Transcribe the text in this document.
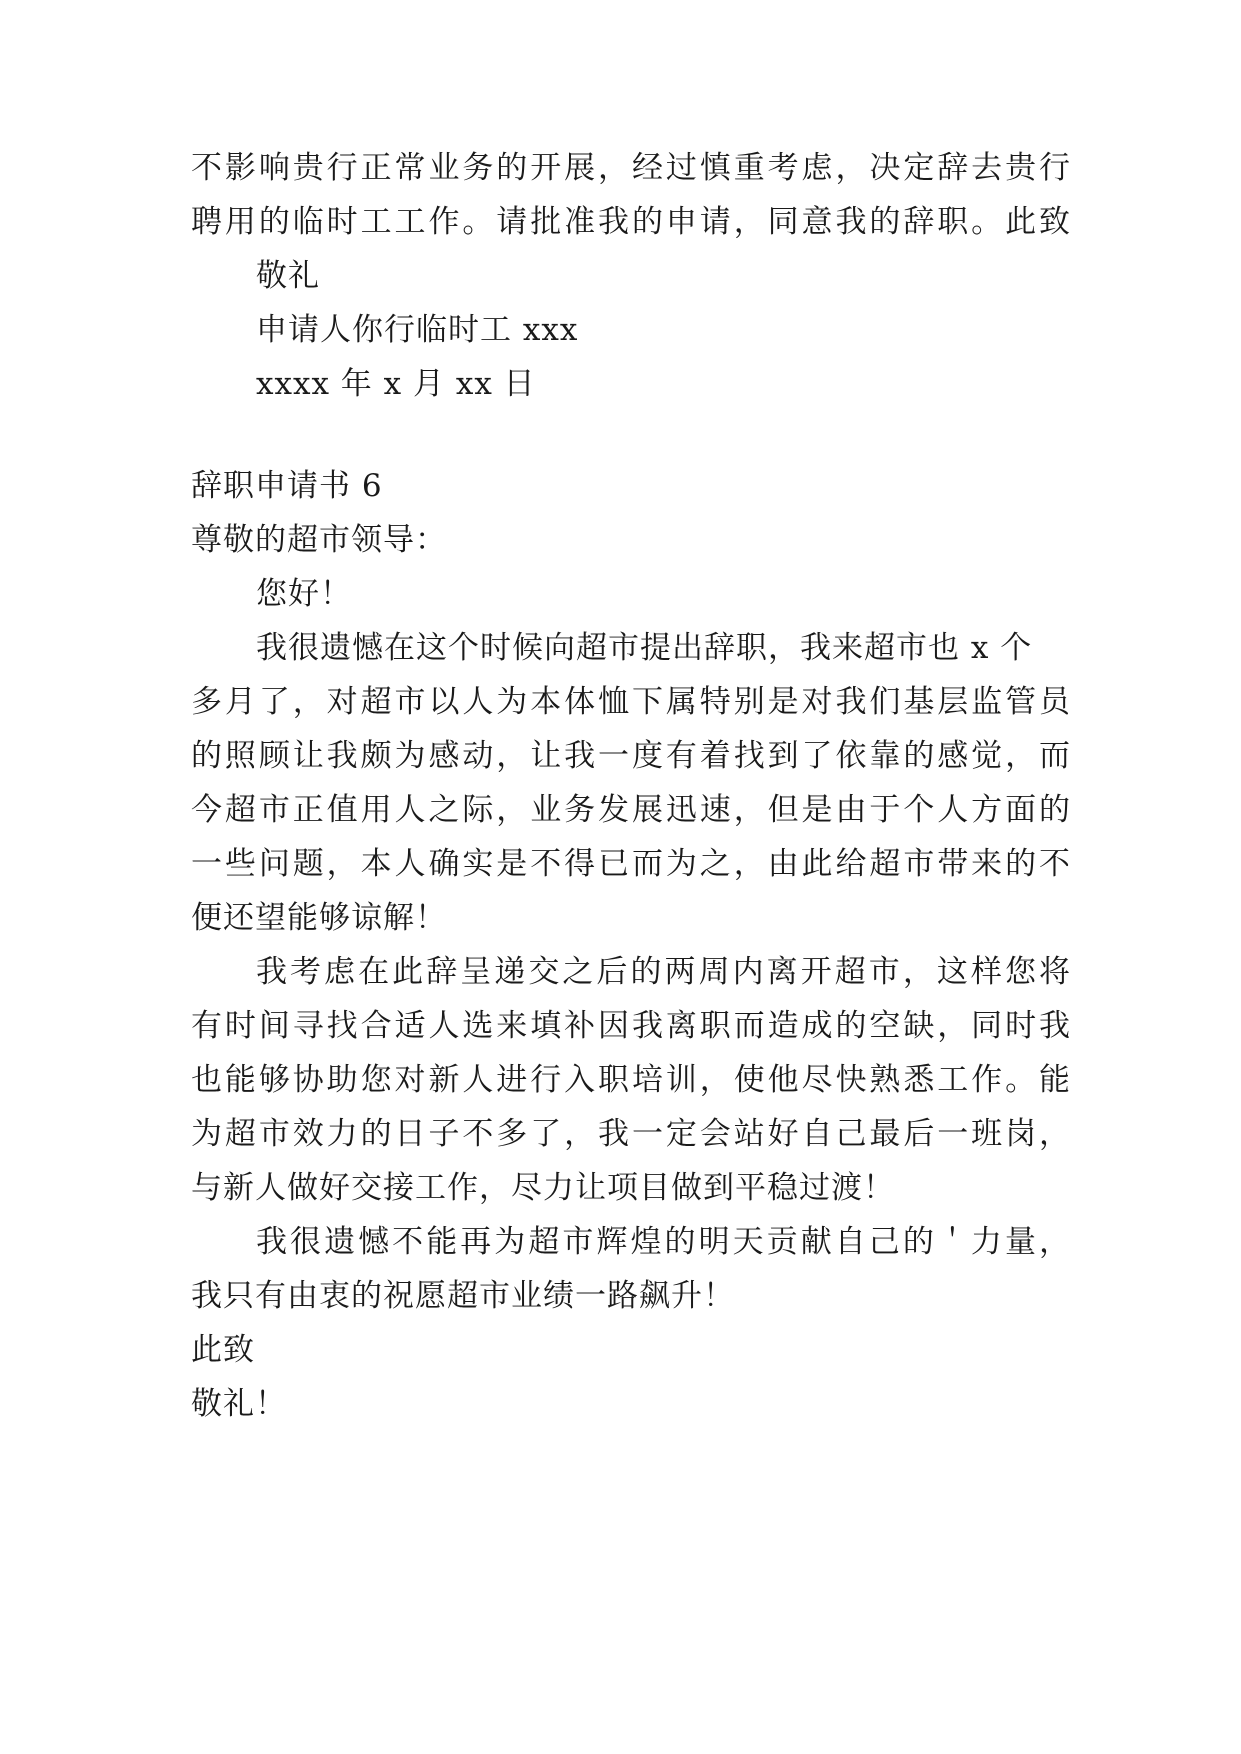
不影响贵行正常业务的开展，经过慎重考虑，决定辞去贵行
聘用的临时工工作。请批准我的申请，同意我的辞职。此致
敬礼
申请人你行临时工 xxx
xxxx 年 x 月 xx 日
辞职申请书 6
尊敬的超市领导：
您好！
我很遗憾在这个时候向超市提出辞职，我来超市也 x 个
多月了，对超市以人为本体恤下属特别是对我们基层监管员
的照顾让我颇为感动，让我一度有着找到了依靠的感觉，而
今超市正值用人之际，业务发展迅速，但是由于个人方面的
一些问题，本人确实是不得已而为之，由此给超市带来的不
便还望能够谅解！
我考虑在此辞呈递交之后的两周内离开超市，这样您将
有时间寻找合适人选来填补因我离职而造成的空缺，同时我
也能够协助您对新人进行入职培训，使他尽快熟悉工作。能
为超市效力的日子不多了，我一定会站好自己最后一班岗，
与新人做好交接工作，尽力让项目做到平稳过渡！
我很遗憾不能再为超市辉煌的明天贡献自己的＇力量，
我只有由衷的祝愿超市业绩一路飙升！
此致
敬礼！
